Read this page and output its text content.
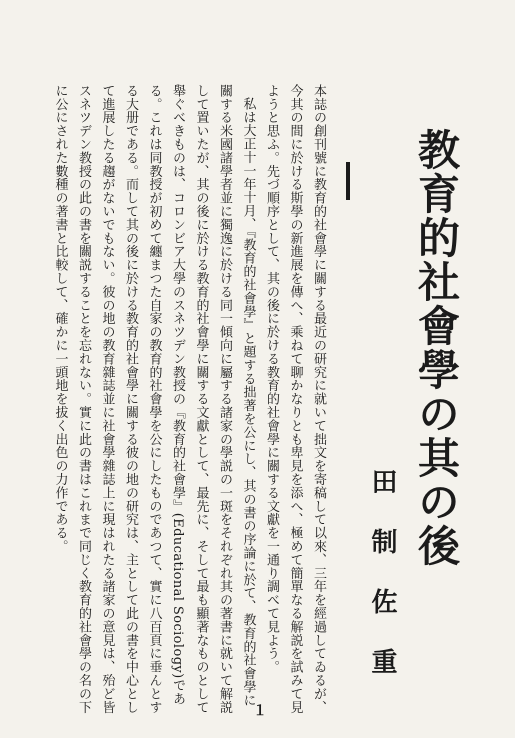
教育的社會學の其の後
田制佐重

本誌の創刊號に教育的社會學に關する最近の研究に就いて拙文を寄稿して以來、三年を經過してゐるが、今其の間に於ける斯學の新進展を傳へ、乘ねて聊かなりとも卑見を添へ、極めて簡單なる解説を試みて見ようと思ふ。先づ順序として、其の後に於ける教育的社會學に關する文獻を一通り調べて見よう。

私は大正十一年十月、『教育的社會學』と題する拙著を公にし、其の書の序論に於て、教育的社會學に關する米國諸學者並に獨逸に於ける同一傾向に屬する諸家の學説の一斑をそれぞれ其の著書に就いて解説して置いたが、其の後に於ける教育的社會學に關する文獻として、最先に、そして最も顯著なものとして舉ぐべきものは、コロンビア大學のスネツデン教授の『教育的社會學』(Educational Sociology)である。これは同教授が初めて纏まつた自家の教育的社會學を公にしたものであつて、實に八百頁に垂んとする大册である。而して其の後に於ける教育的社會學に關する彼の地の研究は、主として此の書を中心として進展したる趨がないでもない。彼の地の教育雜誌並に社會學雜誌上に現はれたる諸家の意見は、殆ど皆スネツデン教授の此の書を關説することを忘れない。實に此の書はこれまで同じく教育的社會學の名の下に公にされた數種の著書と比較して、確かに一頭地を拔く出色の力作である。

１
